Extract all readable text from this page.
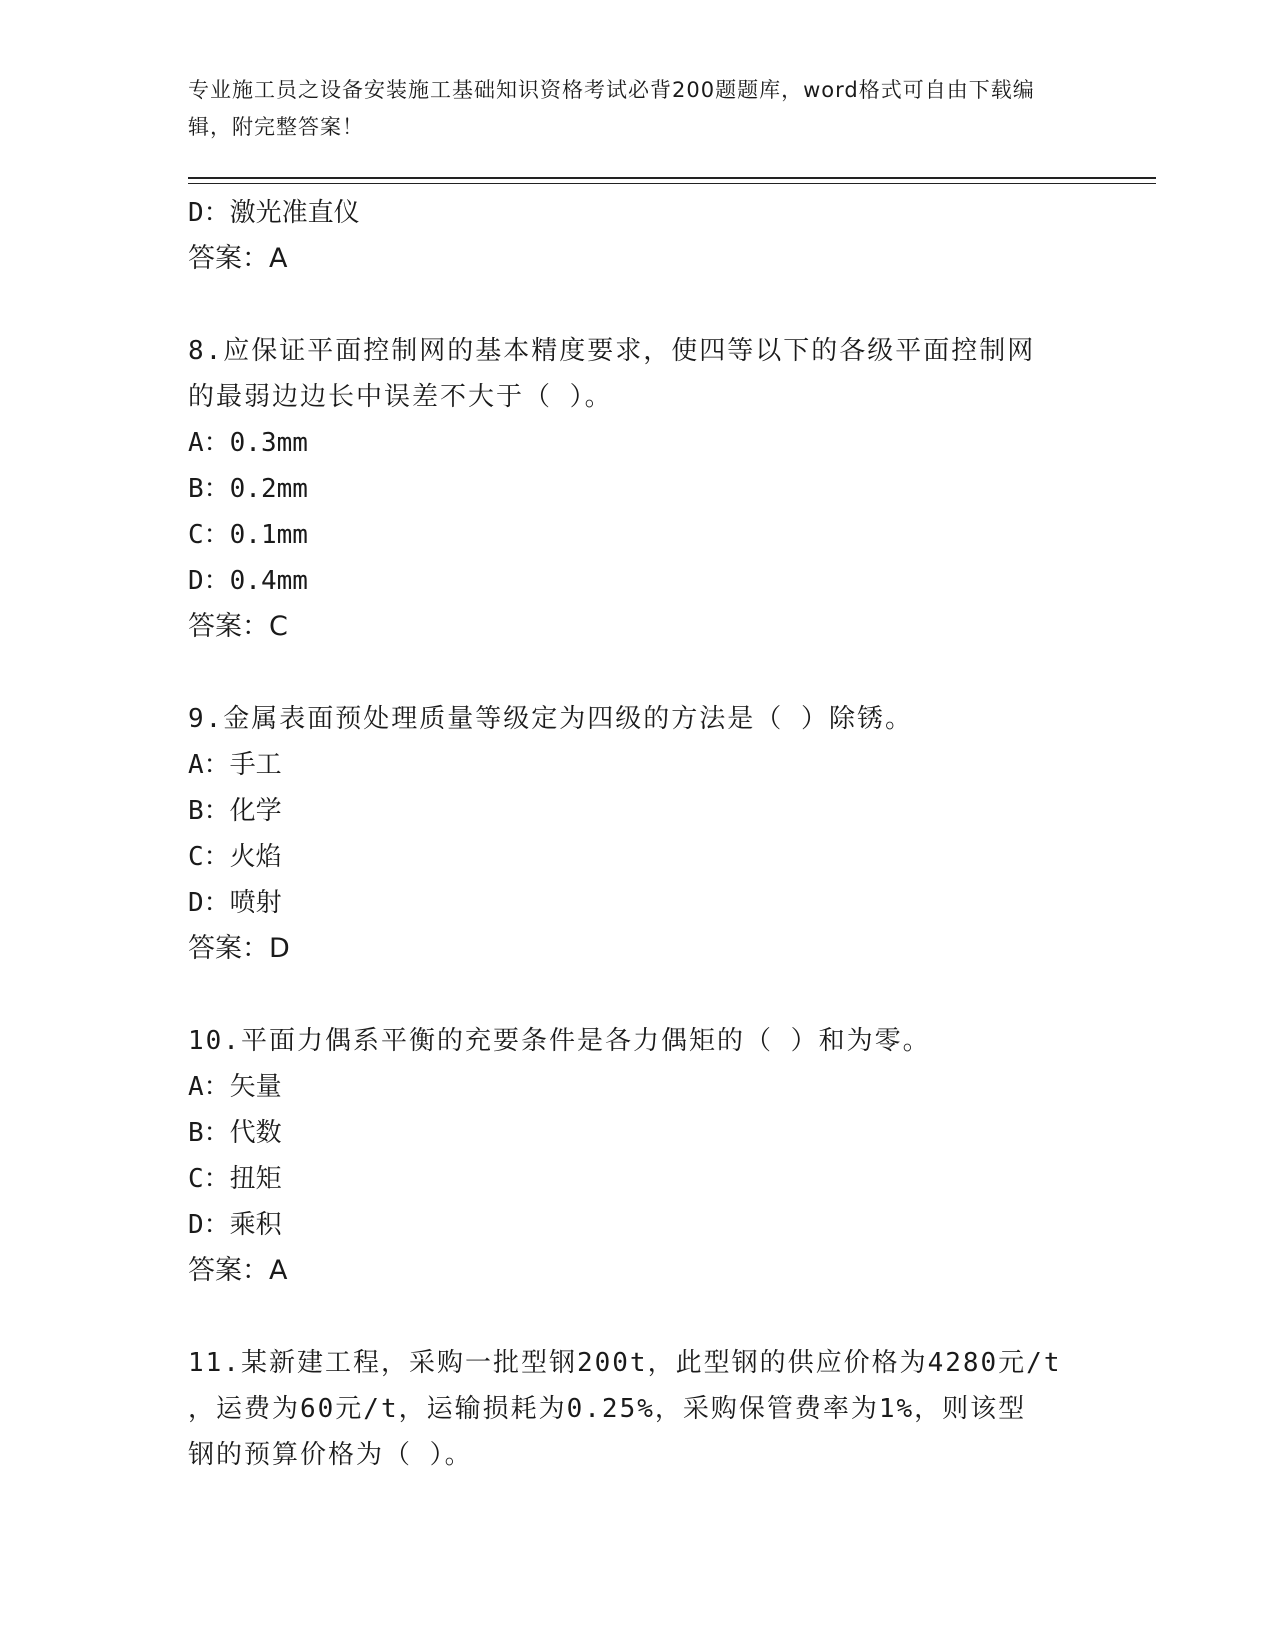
专业施工员之设备安装施工基础知识资格考试必背200题题库，word格式可自由下载编辑，附完整答案！
D：激光准直仪
答案：A
8.应保证平面控制网的基本精度要求，使四等以下的各级平面控制网
的最弱边边长中误差不大于（ ）。
A：0.3mm
B：0.2mm
C：0.1mm
D：0.4mm
答案：C
9.金属表面预处理质量等级定为四级的方法是（ ）除锈。
A：手工
B：化学
C：火焰
D：喷射
答案：D
10.平面力偶系平衡的充要条件是各力偶矩的（ ）和为零。
A：矢量
B：代数
C：扭矩
D：乘积
答案：A
11.某新建工程，采购一批型钢200t，此型钢的供应价格为4280元/t
，运费为60元/t，运输损耗为0.25%，采购保管费率为1%，则该型
钢的预算价格为（ ）。
